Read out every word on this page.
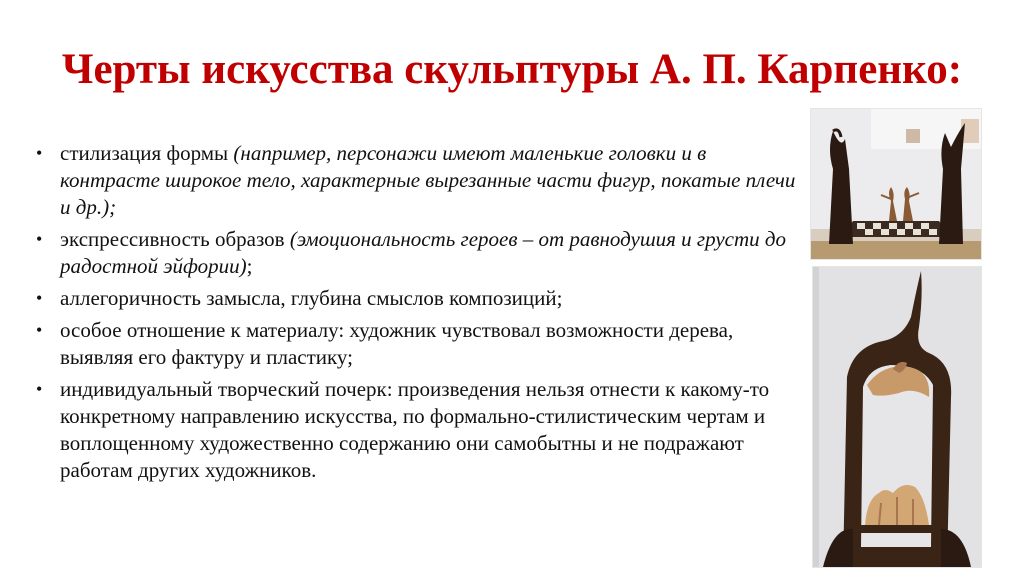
Черты искусства скульптуры А. П. Карпенко:
• стилизация формы (например, персонажи имеют маленькие головки и в контрасте широкое тело, характерные вырезанные части фигур, покатые плечи и др.);
• экспрессивность образов (эмоциональность героев – от равнодушия и грусти до радостной эйфории);
• аллегоричность замысла, глубина смыслов композиций;
• особое отношение к материалу: художник чувствовал возможности дерева, выявляя его фактуру и пластику;
• индивидуальный творческий почерк: произведения нельзя отнести к какому-то конкретному направлению искусства, по формально-стилистическим чертам и воплощенному художественно содержанию они самобытны и не подражают работам других художников.
